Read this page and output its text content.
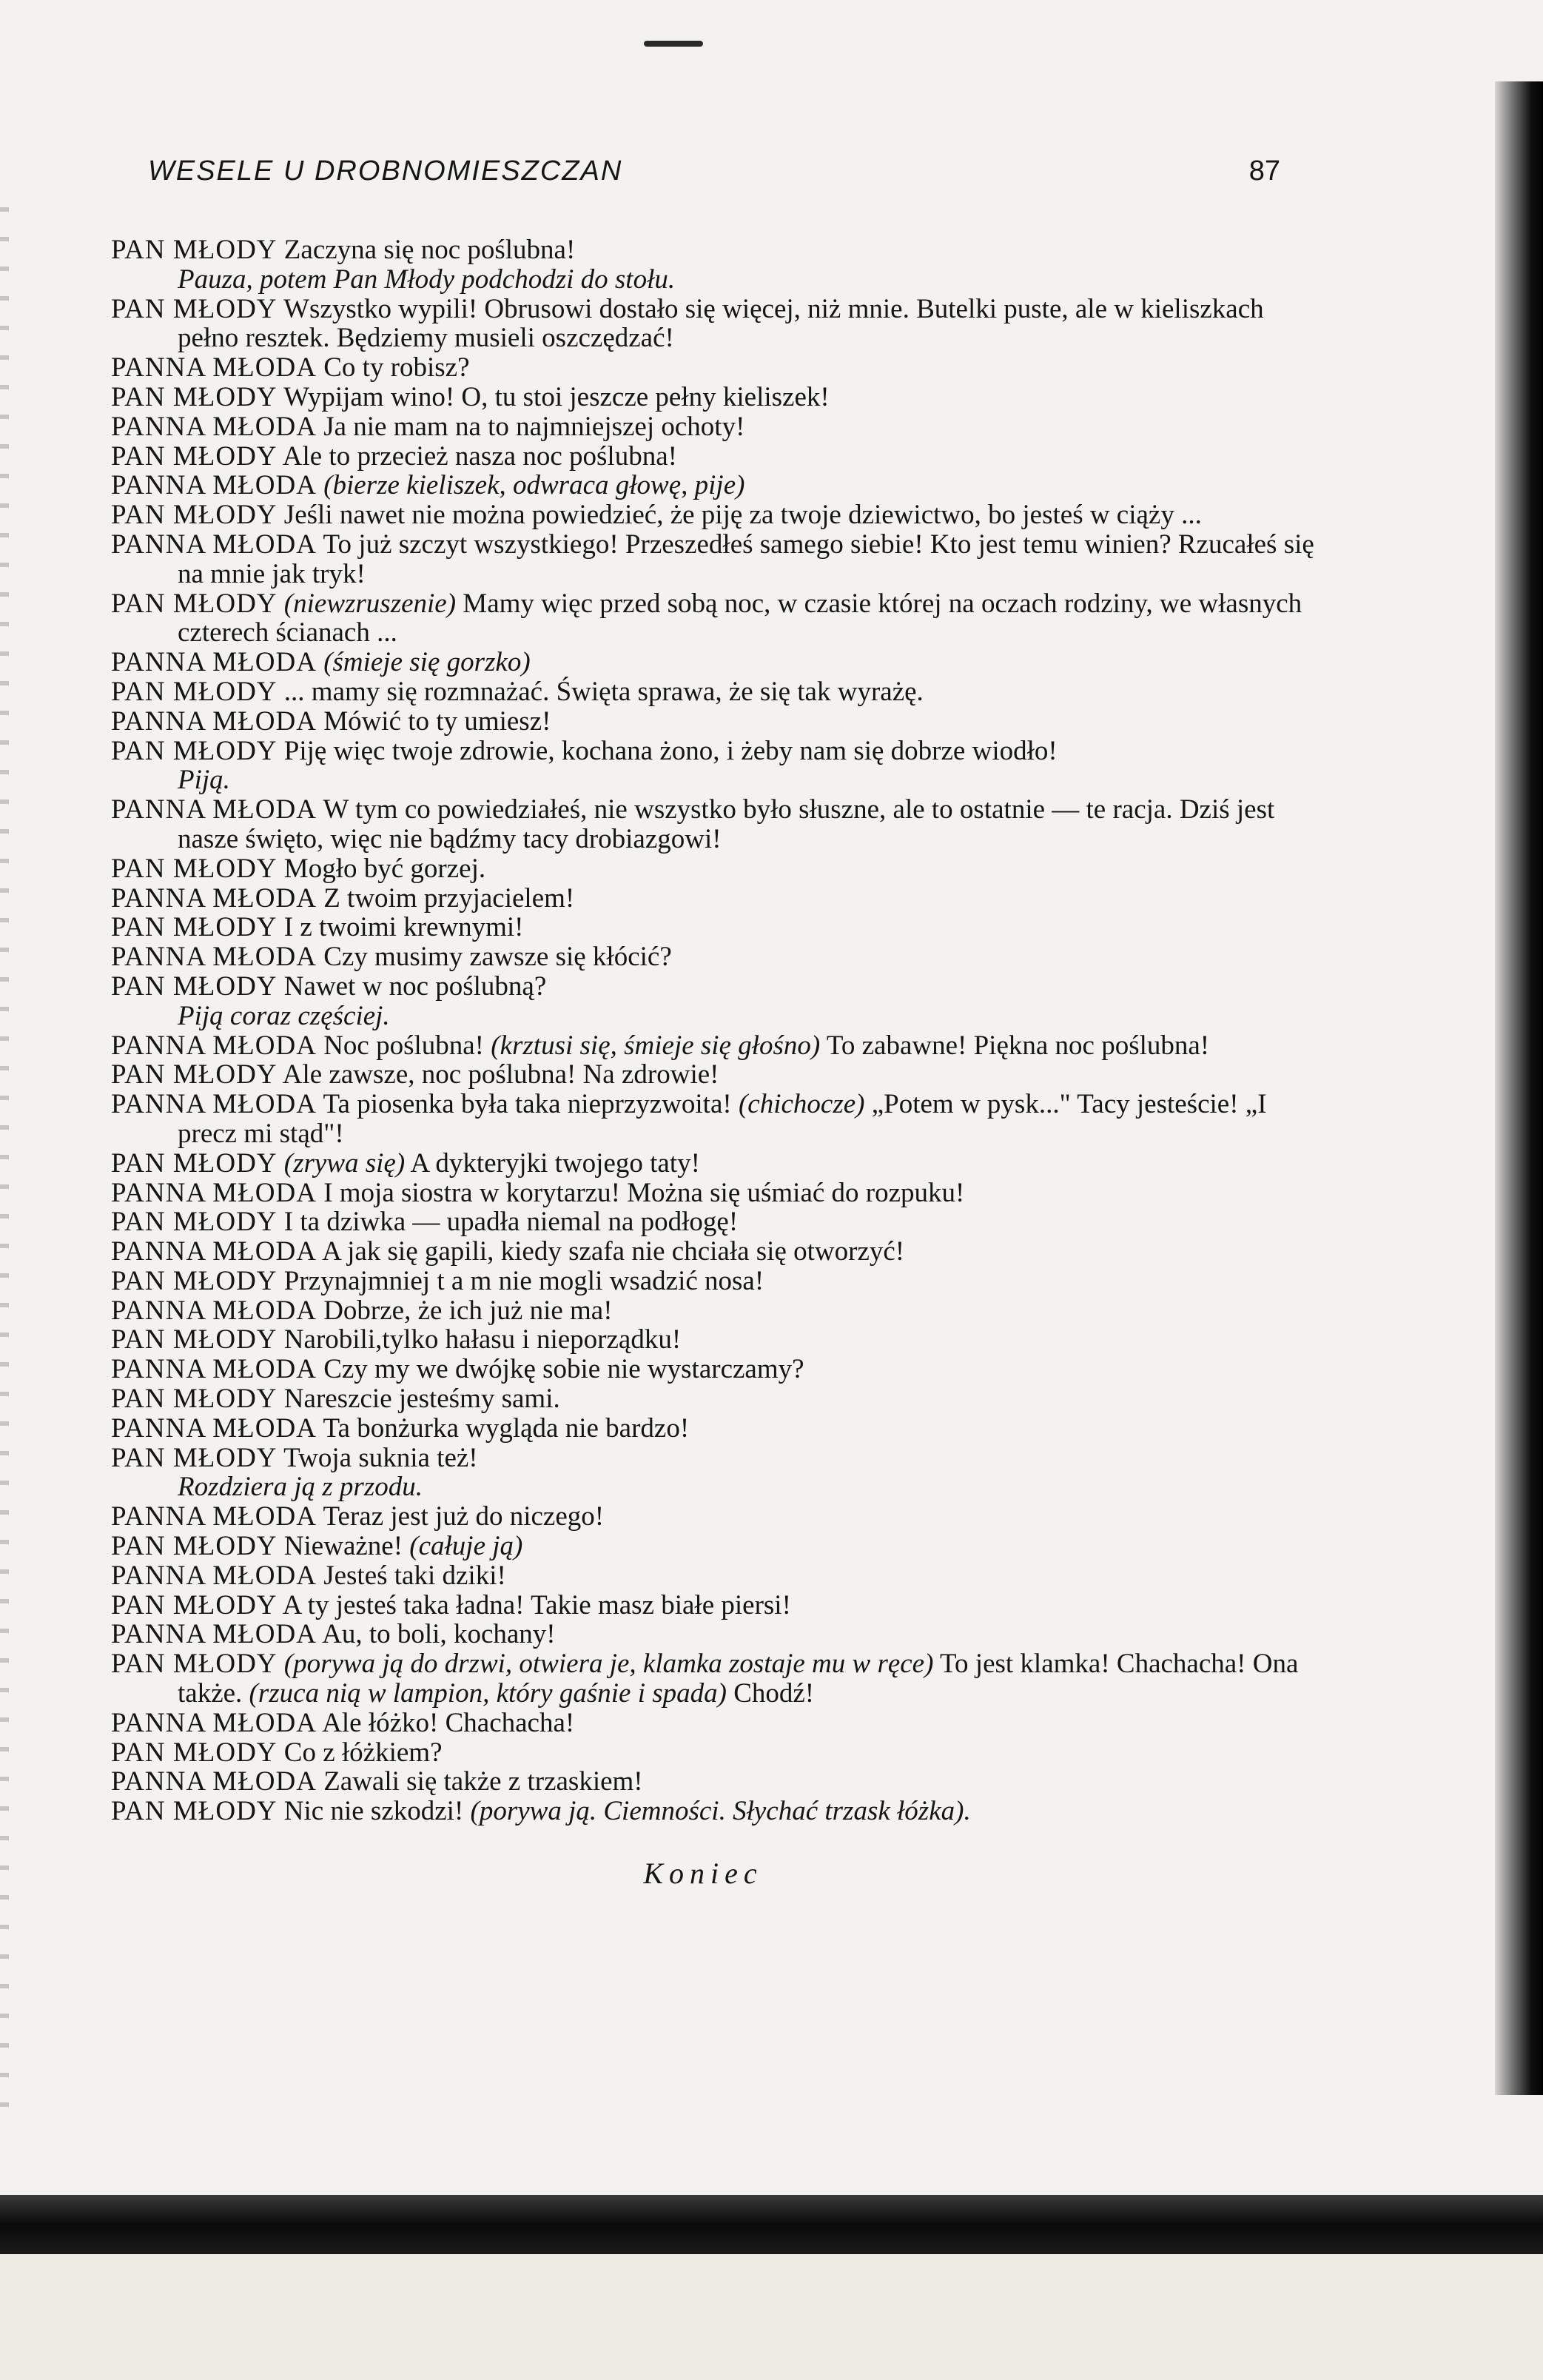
WESELE U DROBNOMIESZCZAN	87

PAN MŁODY Zaczyna się noc poślubna!

Pauza, potem Pan Młody podchodzi do stołu.

PAN MŁODY Wszystko wypili! Obrusowi dostało się więcej, niż mnie. Butelki puste, ale w kieliszkach pełno resztek. Będziemy musieli oszczędzać!

PANNA MŁODA Co ty robisz?

PAN MŁODY Wypijam wino! O, tu stoi jeszcze pełny kieliszek!

PANNA MŁODA Ja nie mam na to najmniejszej ochoty!

PAN MŁODY Ale to przecież nasza noc poślubna!

PANNA MŁODA (bierze kieliszek, odwraca głowę, pije)

PAN MŁODY Jeśli nawet nie można powiedzieć, że piję za twoje dziewictwo, bo jesteś w ciąży ...

PANNA MŁODA To już szczyt wszystkiego! Przeszedłeś samego siebie! Kto jest temu winien? Rzucałeś się na mnie jak tryk!

PAN MŁODY (niewzruszenie) Mamy więc przed sobą noc, w czasie której na oczach rodziny, we własnych czterech ścianach ...

PANNA MŁODA (śmieje się gorzko)

PAN MŁODY ... mamy się rozmnażać. Święta sprawa, że się tak wyrażę.

PANNA MŁODA Mówić to ty umiesz!

PAN MŁODY Piję więc twoje zdrowie, kochana żono, i żeby nam się dobrze wiodło!

Piją.

PANNA MŁODA W tym co powiedziałeś, nie wszystko było słuszne, ale to ostatnie — te racja. Dziś jest nasze święto, więc nie bądźmy tacy drobiazgowi!

PAN MŁODY Mogło być gorzej.

PANNA MŁODA Z twoim przyjacielem!

PAN MŁODY I z twoimi krewnymi!

PANNA MŁODA Czy musimy zawsze się kłócić?

PAN MŁODY Nawet w noc poślubną?

Piją coraz częściej.

PANNA MŁODA Noc poślubna! (krztusi się, śmieje się głośno) To zabawne! Piękna noc poślubna!

PAN MŁODY Ale zawsze, noc poślubna! Na zdrowie!

PANNA MŁODA Ta piosenka była taka nieprzyzwoita! (chichocze) „Potem w pysk..." Tacy jesteście! „I precz mi stąd"!

PAN MŁODY (zrywa się) A dykteryjki twojego taty!

PANNA MŁODA I moja siostra w korytarzu! Można się uśmiać do rozpuku!

PAN MŁODY I ta dziwka — upadła niemal na podłogę!

PANNA MŁODA A jak się gapili, kiedy szafa nie chciała się otworzyć!

PAN MŁODY Przynajmniej t a m nie mogli wsadzić nosa!

PANNA MŁODA Dobrze, że ich już nie ma!

PAN MŁODY Narobili,tylko hałasu i nieporządku!

PANNA MŁODA Czy my we dwójkę sobie nie wystarczamy?

PAN MŁODY Nareszcie jesteśmy sami.

PANNA MŁODA Ta bonżurka wygląda nie bardzo!

PAN MŁODY Twoja suknia też!

Rozdziera ją z przodu.

PANNA MŁODA Teraz jest już do niczego!

PAN MŁODY Nieważne! (całuje ją)

PANNA MŁODA Jesteś taki dziki!

PAN MŁODY A ty jesteś taka ładna! Takie masz białe piersi!

PANNA MŁODA Au, to boli, kochany!

PAN MŁODY (porywa ją do drzwi, otwiera je, klamka zostaje mu w ręce) To jest klamka! Chachacha! Ona także. (rzuca nią w lampion, który gaśnie i spada) Chodź!

PANNA MŁODA Ale łóżko! Chachacha!

PAN MŁODY Co z łóżkiem?

PANNA MŁODA Zawali się także z trzaskiem!

PAN MŁODY Nic nie szkodzi! (porywa ją. Ciemności. Słychać trzask łóżka).

Koniec
